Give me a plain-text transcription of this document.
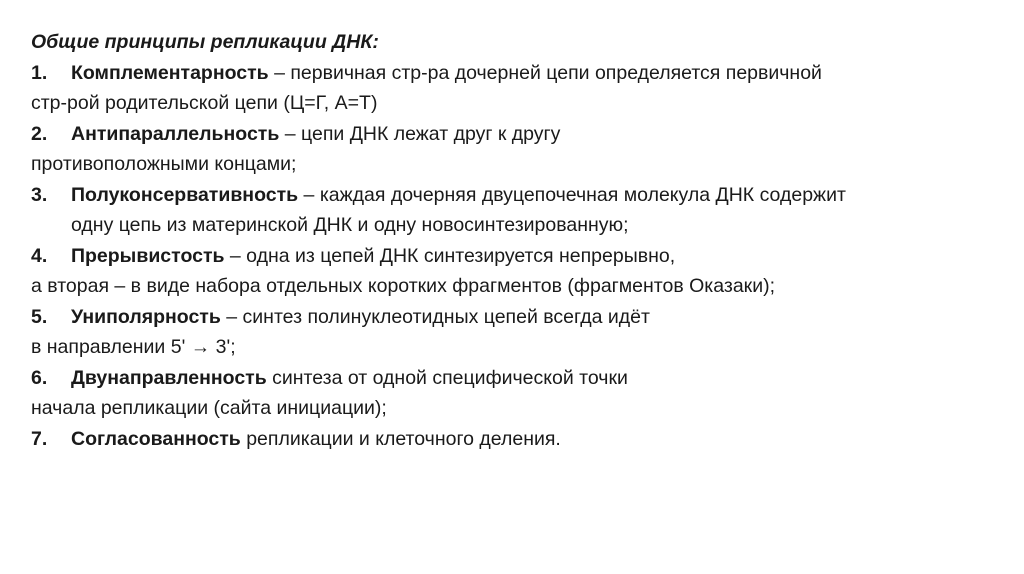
Общие принципы репликации ДНК:
1. Комплементарность – первичная стр-ра дочерней цепи определяется первичной
стр-рой родительской цепи (Ц=Г, А=Т)
2. Антипараллельность – цепи ДНК лежат друг к другу
противоположными концами;
3. Полуконсервативность – каждая дочерняя двуцепочечная молекула ДНК содержит
одну цепь из материнской ДНК и одну новосинтезированную;
4. Прерывистость – одна из цепей ДНК синтезируется непрерывно,
а вторая – в виде набора отдельных коротких фрагментов (фрагментов Оказаки);
5. Униполярность – синтез полинуклеотидных цепей всегда идёт
в направлении 5' → 3';
6. Двунаправленность синтеза от одной специфической точки
начала репликации (сайта инициации);
7. Согласованность репликации и клеточного деления.
